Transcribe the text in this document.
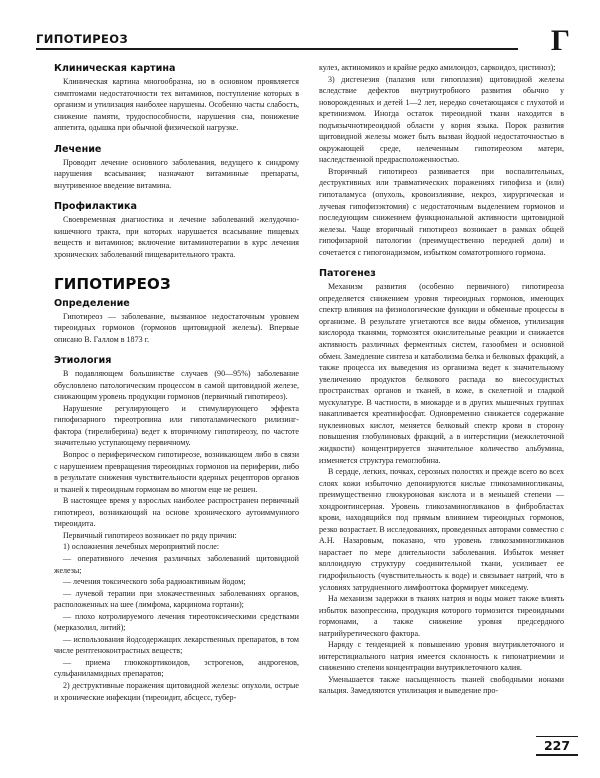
ГИПОТИРЕОЗ	Г
Клиническая картина

Клиническая картина многообразна, но в основном проявляется симптомами недостаточности тех витаминов, поступление которых в организм и утилизация наиболее нарушены. Особенно часты слабость, снижение памяти, трудоспособности, нарушения сна, понижение аппетита, одышка при обычной физической нагрузке.

Лечение

Проводит лечение основного заболевания, ведущего к синдрому нарушения всасывания; назначают витаминные препараты, внутривенное введение витамина.

Профилактика

Своевременная диагностика и лечение заболеваний желудочно-кишечного тракта, при которых нарушается всасывание пищевых веществ и витаминов; включение витаминотерапии в курс лечения хронических заболеваний пищеварительного тракта.

ГИПОТИРЕОЗ
Определение

Гипотиреоз — заболевание, вызванное недостаточным уровнем тиреоидных гормонов (гормонов щитовидной железы). Впервые описано В. Галлом в 1873 г.

Этиология

В подавляющем большинстве случаев (90—95%) заболевание обусловлено патологическим процессом в самой щитовидной железе, снижающим уровень продукции гормонов (первичный гипотиреоз).

Нарушение регулирующего и стимулирующего эффекта гипофизарного тиреотропина или гипоталамического рилизинг-фактора (тирелиберина) ведет к вторичному гипотиреозу, по частоте значительно уступающему первичному.

Вопрос о периферическом гипотиреозе, возникающем либо в связи с нарушением превращения тиреоидных гормонов на периферии, либо в результате снижения чувствительности ядерных рецепторов органов и тканей к тиреоидным гормонам во многом еще не решен.

В настоящее время у взрослых наиболее распространен первичный гипотиреоз, возникающий на основе хронического аутоиммунного тиреоидита.

Первичный гипотиреоз возникает по ряду причин:

1) осложнения лечебных мероприятий после:

— оперативного лечения различных заболеваний щитовидной железы;

— лечения токсического зоба радиоактивным йодом;

— лучевой терапии при злокачественных заболеваниях органов, расположенных на шее (лимфома, карцинома гортани);

— плохо котролируемого лечения тиреотоксическими средствами (мерказолил, литий);

— использования йодсодержащих лекарственных препаратов, в том числе рентгеноконтрастных веществ;

— приема глюкокортикоидов, эстрогенов, андрогенов, сульфаниламидных препаратов;

2) деструктивные поражения щитовидной железы: опухоли, острые и хронические инфекции (тиреоидит, абсцесс, тубер-

кулез, актиномикоз и крайне редко амилоидоз, саркоидоз, цистиноз);

3) дисгенезия (палазия или гипоплазия) щитовидной железы вследствие дефектов внутриутробного развития обычно у новорожденных и детей 1—2 лет, нередко сочетающаяся с глухотой и кретинизмом. Иногда остаток тиреоидной ткани находится в подъязычнотиреоидной области у корня языка. Порок развития щитовидной железы может быть вызван йодной недостаточностью в окружающей среде, нелеченным гипотиреозом матери, наследственной предрасположенностью.

Вторичный гипотиреоз развивается при воспалительных, деструктивных или травматических поражениях гипофиза и (или) гипоталамуса (опухоль, кровоизлияние, некроз, хирургическая и лучевая гипофизэктомия) с недостаточным выделением гормонов и последующим снижением функциональной активности щитовидной железы. Чаще вторичный гипотиреоз возникает в рамках общей гипофизарной патологии (преимущественно передней доли) и сочетается с гипогонадизмом, избытком соматотропного гормона.

Патогенез

Механизм развития (особенно первичного) гипотиреоза определяется снижением уровня тиреоидных гормонов, имеющих спектр влияния на физиологические функции и обменные процессы в организме. В результате угнетаются все виды обменов, утилизация кислорода тканями, тормозятся окислительные реакции и снижается активность различных ферментных систем, газообмен и основной обмен. Замедление синтеза и катаболизма белка и белковых фракций, а также процесса их выведения из организма ведет к значительному увеличению продуктов белкового распада во внесосудистых пространствах органов и тканей, в коже, в скелетной и гладкой мускулатуре. В частности, в миокарде и в других мышечных группах накапливается креатинфосфат. Одновременно снижается содержание нуклеиновых кислот, меняется белковый спектр крови в сторону повышения глобулиновых фракций, а в интерстиции (межклеточной жидкости) концентрируется значительное количество альбумина, изменяется структура гемоглобина.

В сердце, легких, почках, серозных полостях и прежде всего во всех слоях кожи избыточно депонируются кислые гликозаминогликаны, преимущественно глюкуроновая кислота и в меньшей степени — хондроитинсерная. Уровень гликозаминогликанов в фибробластах крови, находящийся под прямым влиянием тиреоидных гормонов, резко возрастает. В исследованиях, проведенных авторами совместно с А.Н. Назаровым, показано, что уровень гликозаминогликанов нарастает по мере длительности заболевания. Избыток меняет коллоидную структуру соединительной ткани, усиливает ее гидрофильность (чувствительность к воде) и связывает натрий, что в условиях затрудненного лимфооттока формирует микседему.

На механизм задержки в тканях натрия и воды может также влиять избыток вазопрессина, продукция которого тормозится тиреоидными гормонами, а также снижение уровня предсердного натрийуретического фактора.

Наряду с тенденцией к повышению уровня внутриклеточного и интерстициального натрия имеется склонность к гипонатриемии и снижению степени концентрации внутриклеточного калия.

Уменьшается также насыщенность тканей свободными ионами кальция. Замедляются утилизация и выведение про-

227
